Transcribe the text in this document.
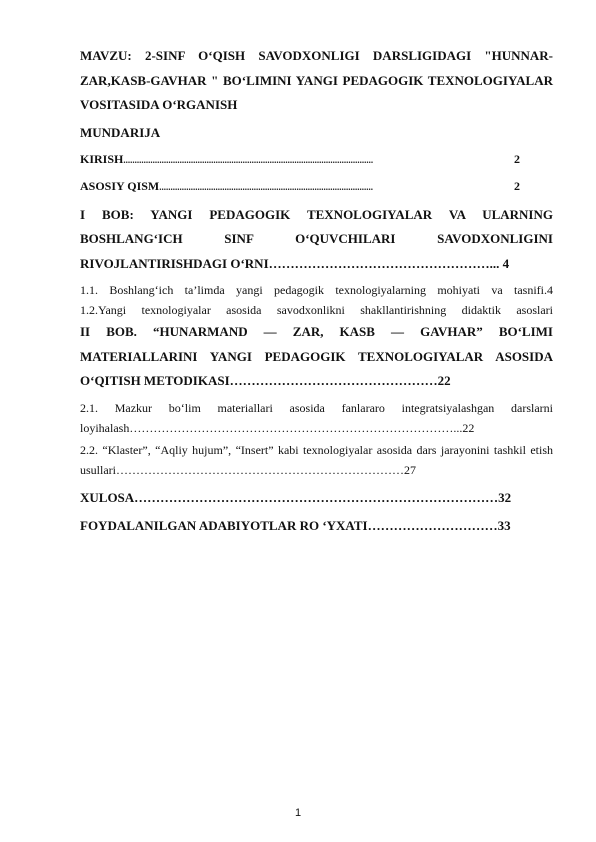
MAVZU: 2-SINF O‘QISH SAVODXONLIGI DARSLIGIDAGI "HUNNAR-ZAR,KASB-GAVHAR " BO‘LIMINI YANGI PEDAGOGIK TEXNOLOGIYALAR VOSITASIDA O‘RGANISH

MUNDARIJA
KIRISH ...............................................................................................................	2
ASOSIY QISM ...............................................................................................	2
I BOB: YANGI PEDAGOGIK TEXNOLOGIYALAR VA ULARNING BOSHLANG‘ICH SINF O‘QUVCHILARI SAVODXONLIGINI RIVOJLANTIRISHDAGI O‘RNI……………………………………………... 4
1.1. Boshlang‘ich ta’limda yangi pedagogik texnologiyalarning mohiyati va tasnifi.4
1.2.Yangi texnologiyalar asosida savodxonlikni shakllantirishning didaktik asoslari
II BOB. “HUNARMAND — ZAR, KASB — GAVHAR” BO‘LIMI MATERIALLARINI YANGI PEDAGOGIK TEXNOLOGIYALAR ASOSIDA O‘QITISH METODIKASI…………………………………………22
2.1. Mazkur bo‘lim materiallari asosida fanlararo integratsiyalashgan darslarni loyihalash………………………………………………………………………...22
2.2. “Klaster”, “Aqliy hujum”, “Insert” kabi texnologiyalar asosida dars jarayonini tashkil etish usullari………………………………………………………………27
XULOSA…………………………………………………………………………32
FOYDALANILGAN ADABIYOTLAR RO ‘YXATI…………………………33
1
